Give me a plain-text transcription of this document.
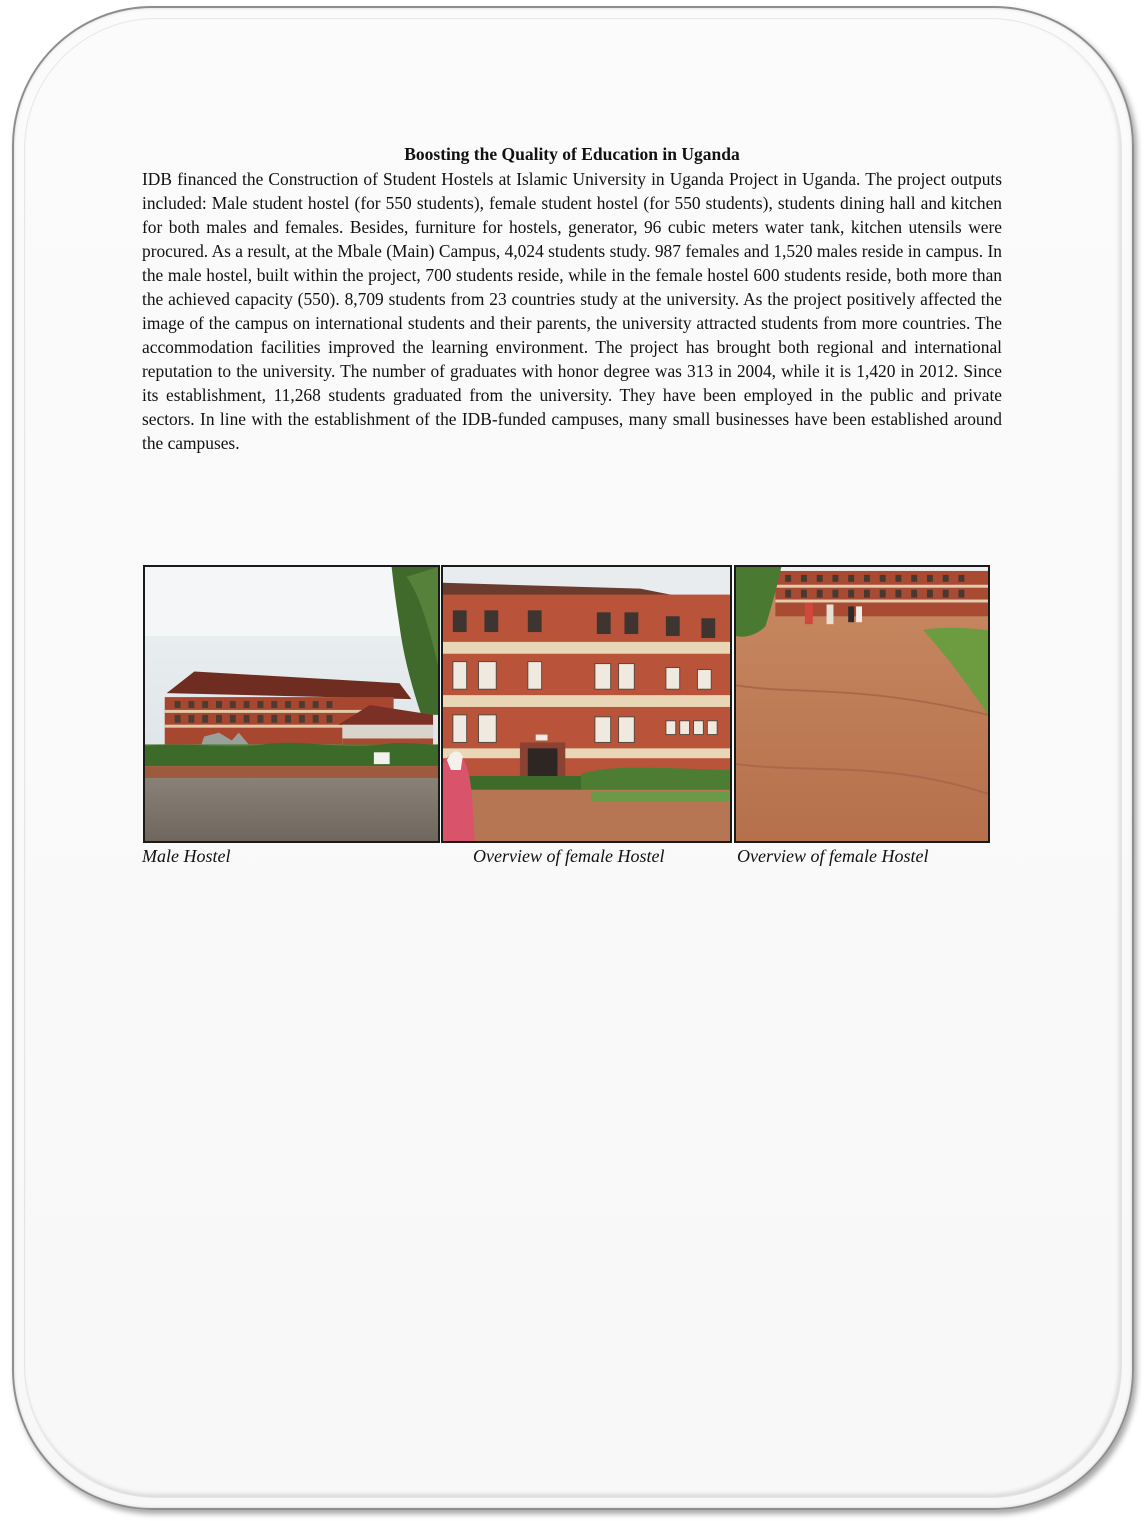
Boosting the Quality of Education in Uganda

IDB financed the Construction of Student Hostels at Islamic University in Uganda Project in Uganda. The project outputs included: Male student hostel (for 550 students), female student hostel (for 550 students), students dining hall and kitchen for both males and females. Besides, furniture for hostels, generator, 96 cubic meters water tank, kitchen utensils were procured. As a result, at the Mbale (Main) Campus, 4,024 students study. 987 females and 1,520 males reside in campus. In the male hostel, built within the project, 700 students reside, while in the female hostel 600 students reside, both more than the achieved capacity (550). 8,709 students from 23 countries study at the university. As the project positively affected the image of the campus on international students and their parents, the university attracted students from more countries. The accommodation facilities improved the learning environment. The project has brought both regional and international reputation to the university. The number of graduates with honor degree was 313 in 2004, while it is 1,420 in 2012. Since its establishment, 11,268 students graduated from the university. They have been employed in the public and private sectors. In line with the establishment of the IDB-funded campuses, many small businesses have been established around the campuses.

Male Hostel	Overview of female Hostel	Overview of female Hostel
